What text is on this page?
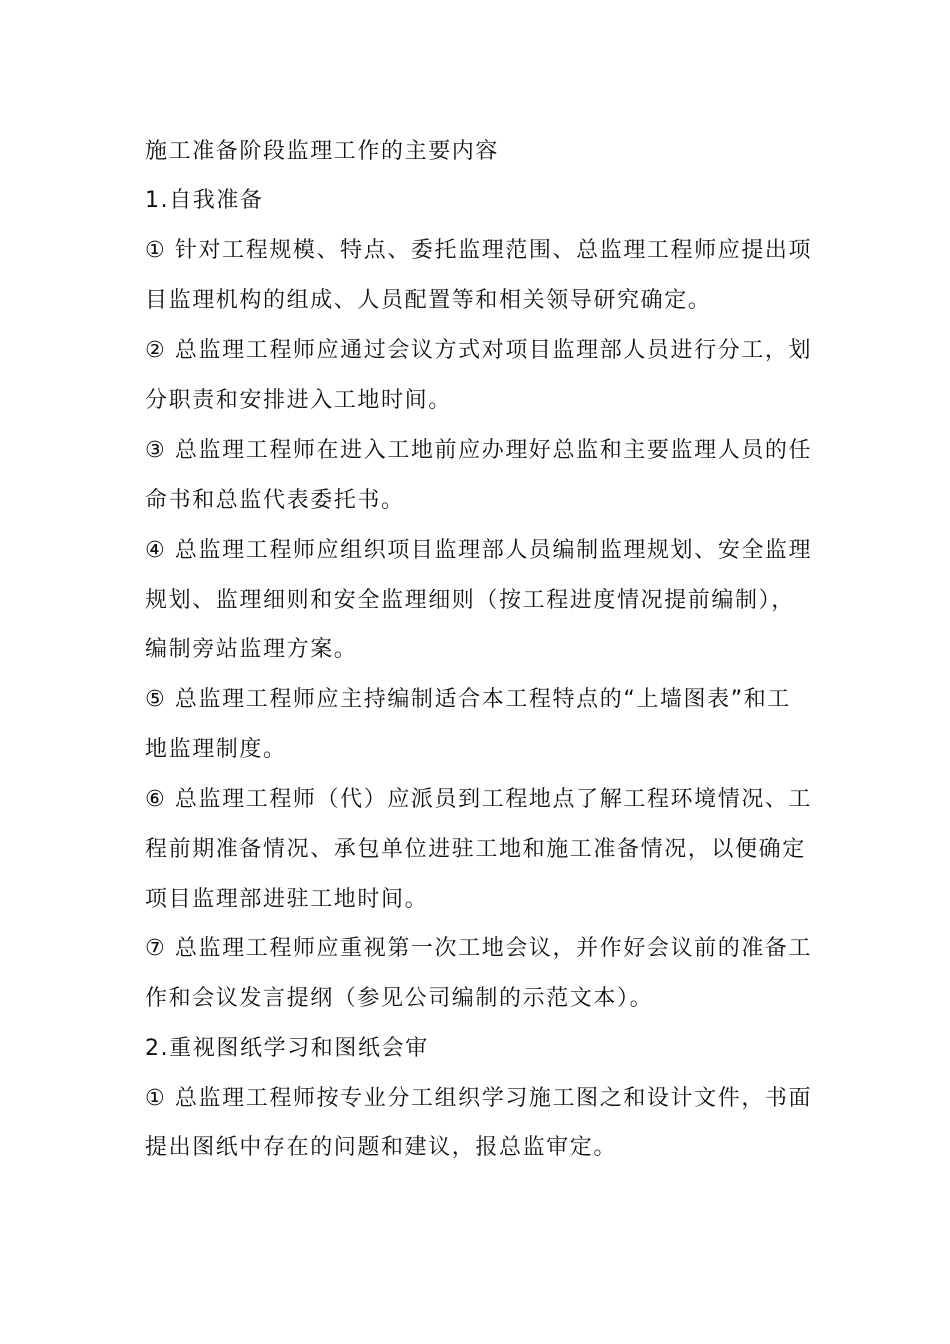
施工准备阶段监理工作的主要内容
1.自我准备
① 针对工程规模、特点、委托监理范围、总监理工程师应提出项
目监理机构的组成、人员配置等和相关领导研究确定。
② 总监理工程师应通过会议方式对项目监理部人员进行分工，划
分职责和安排进入工地时间。
③ 总监理工程师在进入工地前应办理好总监和主要监理人员的任
命书和总监代表委托书。
④ 总监理工程师应组织项目监理部人员编制监理规划、安全监理
规划、监理细则和安全监理细则（按工程进度情况提前编制），
编制旁站监理方案。
⑤ 总监理工程师应主持编制适合本工程特点的“上墙图表”和工
地监理制度。
⑥ 总监理工程师（代）应派员到工程地点了解工程环境情况、工
程前期准备情况、承包单位进驻工地和施工准备情况，以便确定
项目监理部进驻工地时间。
⑦ 总监理工程师应重视第一次工地会议，并作好会议前的准备工
作和会议发言提纲（参见公司编制的示范文本）。
2.重视图纸学习和图纸会审
① 总监理工程师按专业分工组织学习施工图之和设计文件，书面
提出图纸中存在的问题和建议，报总监审定。
